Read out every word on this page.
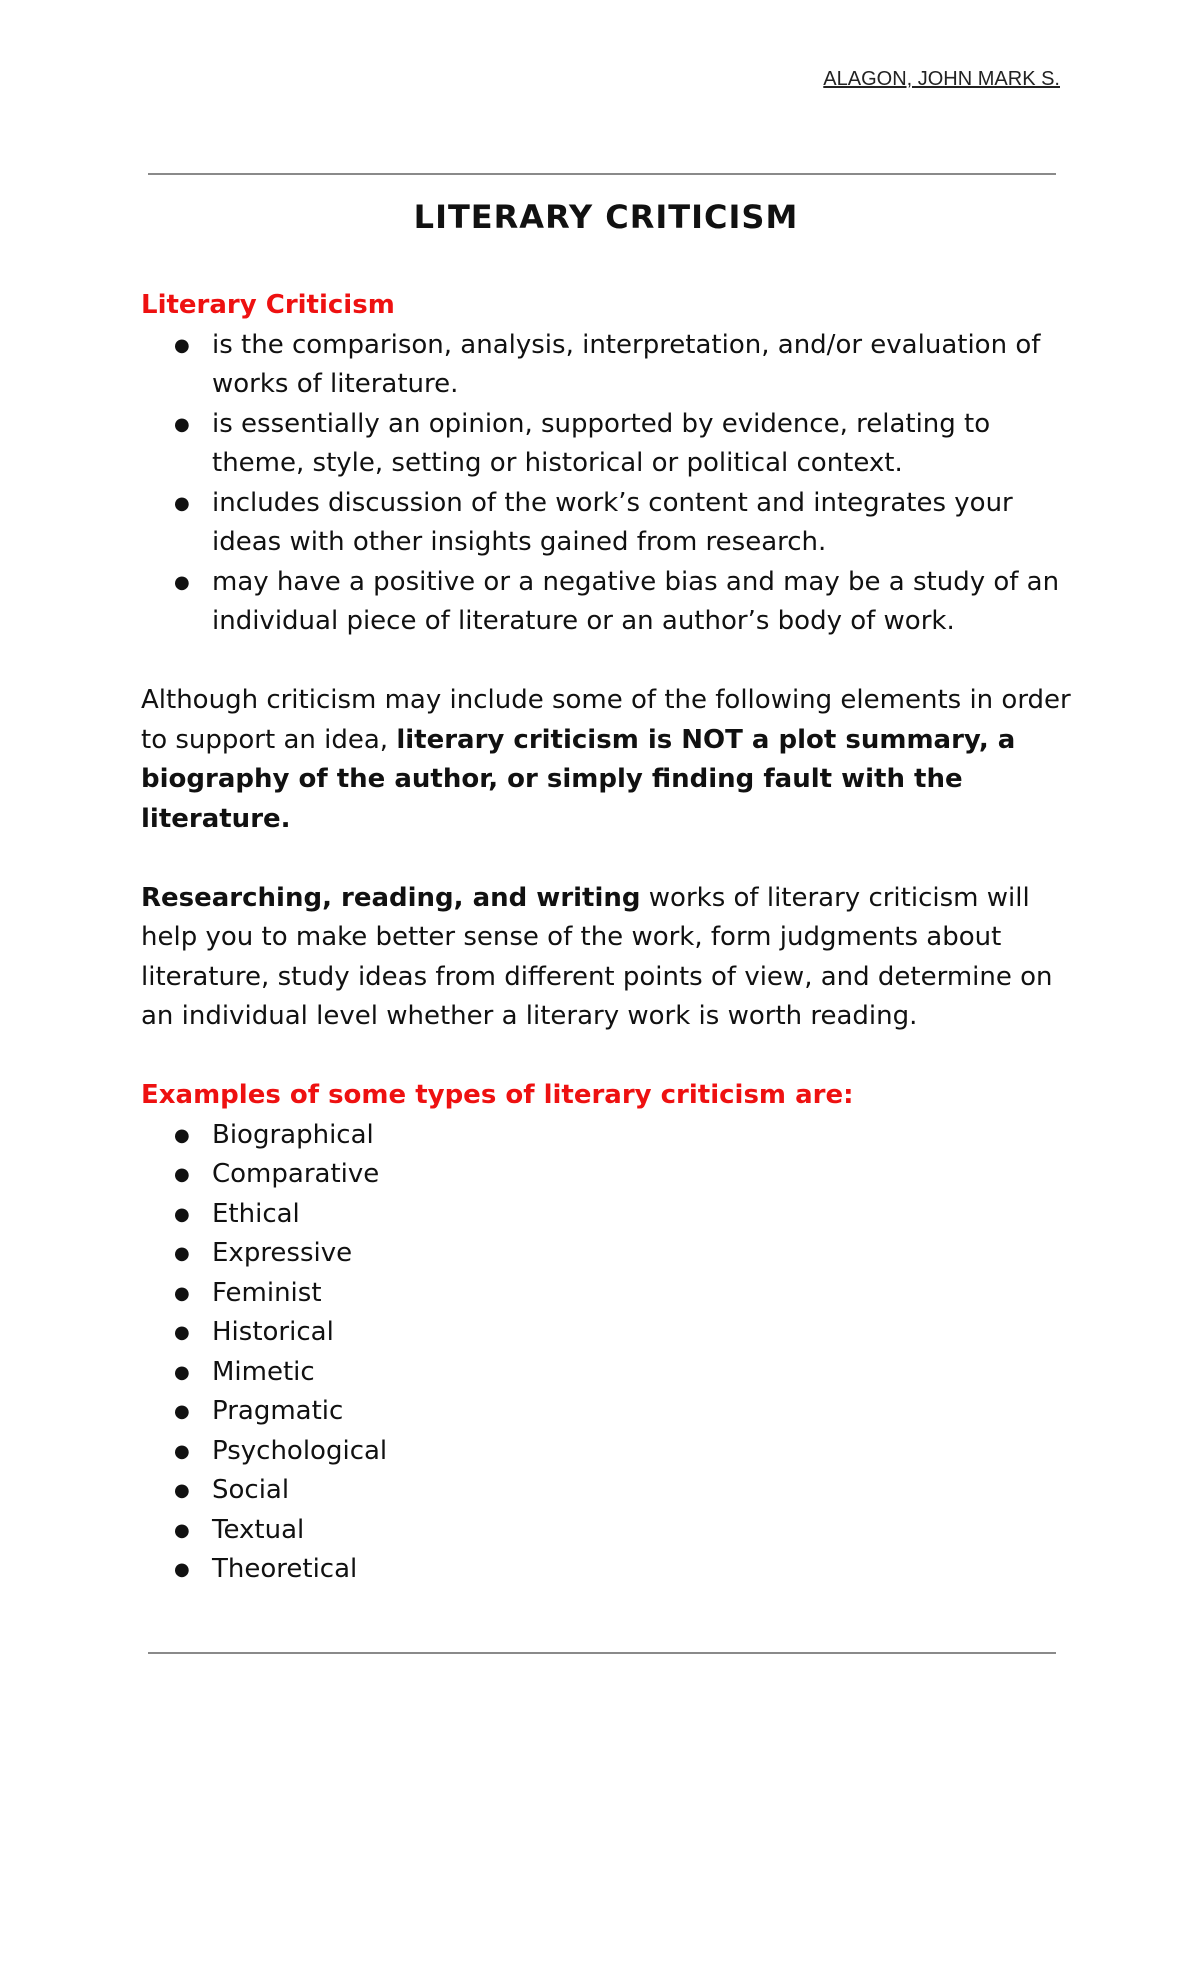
ALAGON, JOHN MARK S.
LITERARY CRITICISM

Literary Criticism

● is the comparison, analysis, interpretation, and/or evaluation of works of literature.
● is essentially an opinion, supported by evidence, relating to theme, style, setting or historical or political context.
● includes discussion of the work’s content and integrates your ideas with other insights gained from research.
● may have a positive or a negative bias and may be a study of an individual piece of literature or an author’s body of work.

Although criticism may include some of the following elements in order to support an idea, literary criticism is NOT a plot summary, a biography of the author, or simply finding fault with the literature.

Researching, reading, and writing works of literary criticism will help you to make better sense of the work, form judgments about literature, study ideas from different points of view, and determine on an individual level whether a literary work is worth reading.

Examples of some types of literary criticism are:

● Biographical
● Comparative
● Ethical
● Expressive
● Feminist
● Historical
● Mimetic
● Pragmatic
● Psychological
● Social
● Textual
● Theoretical
